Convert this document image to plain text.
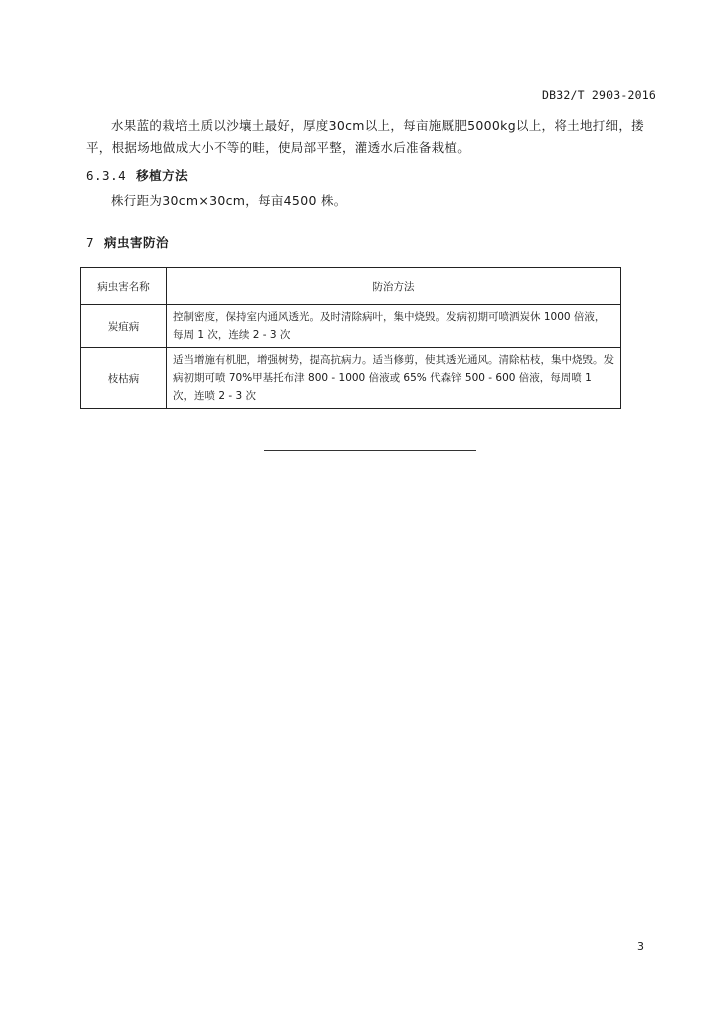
DB32/T 2903-2016

水果蓝的栽培土质以沙壤土最好，厚度30cm以上，每亩施厩肥5000kg以上，将土地打细，搂平，根据场地做成大小不等的畦，使局部平整，灌透水后准备栽植。

6.3.4 移植方法

株行距为30cm×30cm，每亩4500 株。

7 病虫害防治
病虫害名称	防治方法
炭疽病	控制密度，保持室内通风透光。及时清除病叶，集中烧毁。发病初期可喷洒炭休 1000 倍液，每周 1 次，连续 2 - 3 次
枝枯病	适当增施有机肥，增强树势，提高抗病力。适当修剪，使其透光通风。清除枯枝，集中烧毁。发病初期可喷 70%甲基托布津 800 - 1000 倍液或 65% 代森锌 500 - 600 倍液，每周喷 1 次，连喷 2 - 3 次
3
